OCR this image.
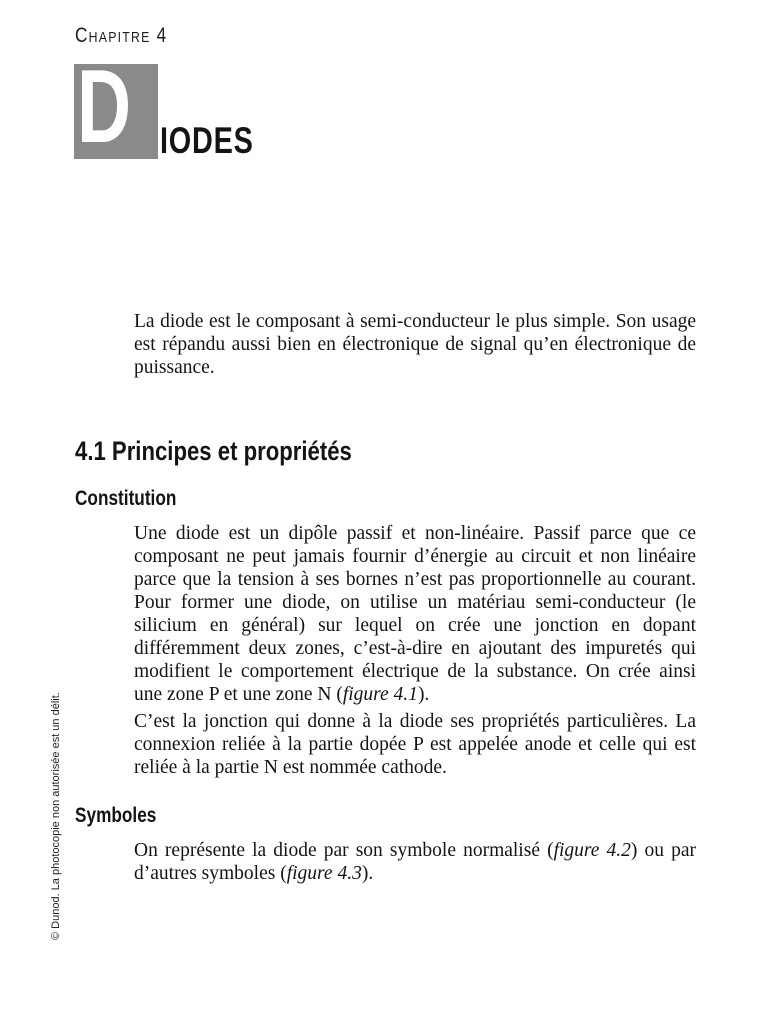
Chapitre 4
D IODES

La diode est le composant à semi-conducteur le plus simple. Son usage est répandu aussi bien en électronique de signal qu’en électronique de puissance.

4.1 Principes et propriétés
Constitution

Une diode est un dipôle passif et non-linéaire. Passif parce que ce composant ne peut jamais fournir d’énergie au circuit et non linéaire parce que la tension à ses bornes n’est pas proportionnelle au courant. Pour former une diode, on utilise un matériau semi-conducteur (le silicium en général) sur lequel on crée une jonction en dopant différemment deux zones, c’est-à-dire en ajoutant des impuretés qui modifient le comportement électrique de la substance. On crée ainsi une zone P et une zone N (figure 4.1).

C’est la jonction qui donne à la diode ses propriétés particulières. La connexion reliée à la partie dopée P est appelée anode et celle qui est reliée à la partie N est nommée cathode.

Symboles

On représente la diode par son symbole normalisé (figure 4.2) ou par d’autres symboles (figure 4.3).

© Dunod. La photocopie non autorisée est un délit.
